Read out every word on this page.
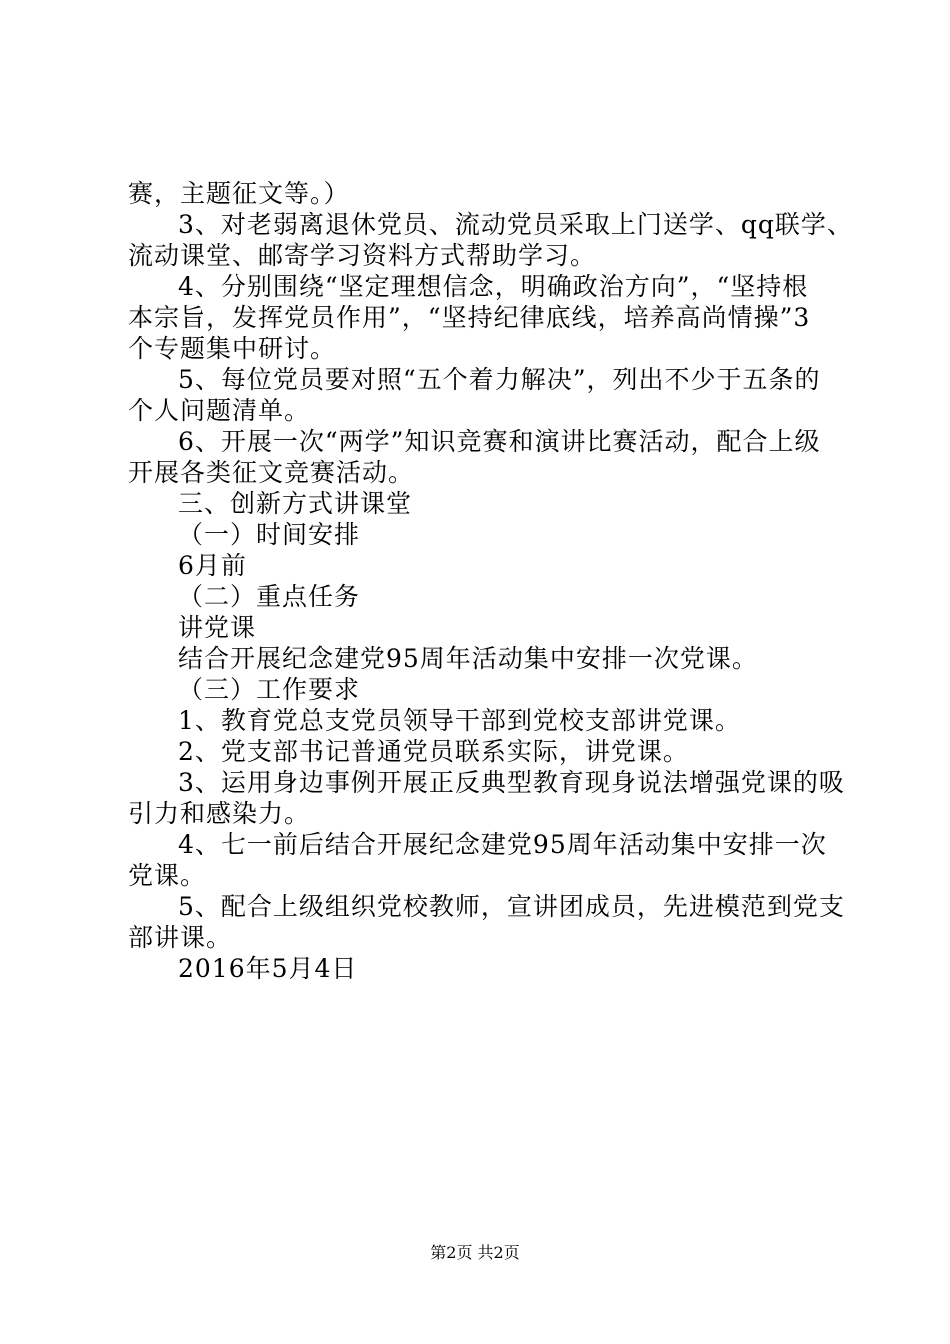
赛，主题征文等。）
3、对老弱离退休党员、流动党员采取上门送学、qq联学、
流动课堂、邮寄学习资料方式帮助学习。
4、分别围绕“坚定理想信念，明确政治方向”，“坚持根
本宗旨，发挥党员作用”，“坚持纪律底线，培养高尚情操”3
个专题集中研讨。
5、每位党员要对照“五个着力解决”，列出不少于五条的
个人问题清单。
6、开展一次“两学”知识竞赛和演讲比赛活动，配合上级
开展各类征文竞赛活动。
三、创新方式讲课堂
（一）时间安排
6月前
（二）重点任务
讲党课
结合开展纪念建党95周年活动集中安排一次党课。
（三）工作要求
1、教育党总支党员领导干部到党校支部讲党课。
2、党支部书记普通党员联系实际，讲党课。
3、运用身边事例开展正反典型教育现身说法增强党课的吸
引力和感染力。
4、七一前后结合开展纪念建党95周年活动集中安排一次
党课。
5、配合上级组织党校教师，宣讲团成员，先进模范到党支
部讲课。
2016年5月4日
第2页 共2页
